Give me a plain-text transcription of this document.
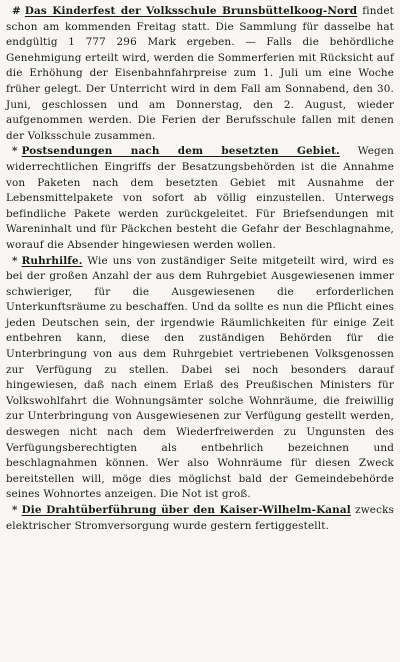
# Das Kinderfest der Volksschule Brunsbüttelkoog-Nord findet schon am kommenden Freitag statt. Die Sammlung für dasselbe hat endgültig 1 777 296 Mark ergeben. — Falls die behördliche Genehmigung erteilt wird, werden die Sommerferien mit Rücksicht auf die Erhöhung der Eisenbahnfahrpreise zum 1. Juli um eine Woche früher gelegt. Der Unterricht wird in dem Fall am Sonnabend, den 30. Juni, geschlossen und am Donnerstag, den 2. August, wieder aufgenommen werden. Die Ferien der Berufsschule fallen mit denen der Volksschule zusammen.

* Postsendungen nach dem besetzten Gebiet. Wegen widerrechtlichen Eingriffs der Besatzungsbehörden ist die Annahme von Paketen nach dem besetzten Gebiet mit Ausnahme der Lebensmittelpakete von sofort ab völlig einzustellen. Unterwegs befindliche Pakete werden zurückgeleitet. Für Briefsendungen mit Wareninhalt und für Päckchen besteht die Gefahr der Beschlagnahme, worauf die Absender hingewiesen werden wollen.

* Ruhrhilfe. Wie uns von zuständiger Seite mitgeteilt wird, wird es bei der großen Anzahl der aus dem Ruhrgebiet Ausgewiesenen immer schwieriger, für die Ausgewiesenen die erforderlichen Unterkunftsräume zu beschaffen. Und da sollte es nun die Pflicht eines jeden Deutschen sein, der irgendwie Räumlichkeiten für einige Zeit entbehren kann, diese den zuständigen Behörden für die Unterbringung von aus dem Ruhrgebiet vertriebenen Volksgenossen zur Verfügung zu stellen. Dabei sei noch besonders darauf hingewiesen, daß nach einem Erlaß des Preußischen Ministers für Volkswohlfahrt die Wohnungsämter solche Wohnräume, die freiwillig zur Unterbringung von Ausgewiesenen zur Verfügung gestellt werden, deswegen nicht nach dem Wiederfreiwerden zu Ungunsten des Verfügungsberechtigten als entbehrlich bezeichnen und beschlagnahmen können. Wer also Wohnräume für diesen Zweck bereitstellen will, möge dies möglichst bald der Gemeindebehörde seines Wohnortes anzeigen. Die Not ist groß.

* Die Drahtüberführung über den Kaiser-Wilhelm-Kanal zwecks elektrischer Stromversorgung wurde gestern fertiggestellt.
